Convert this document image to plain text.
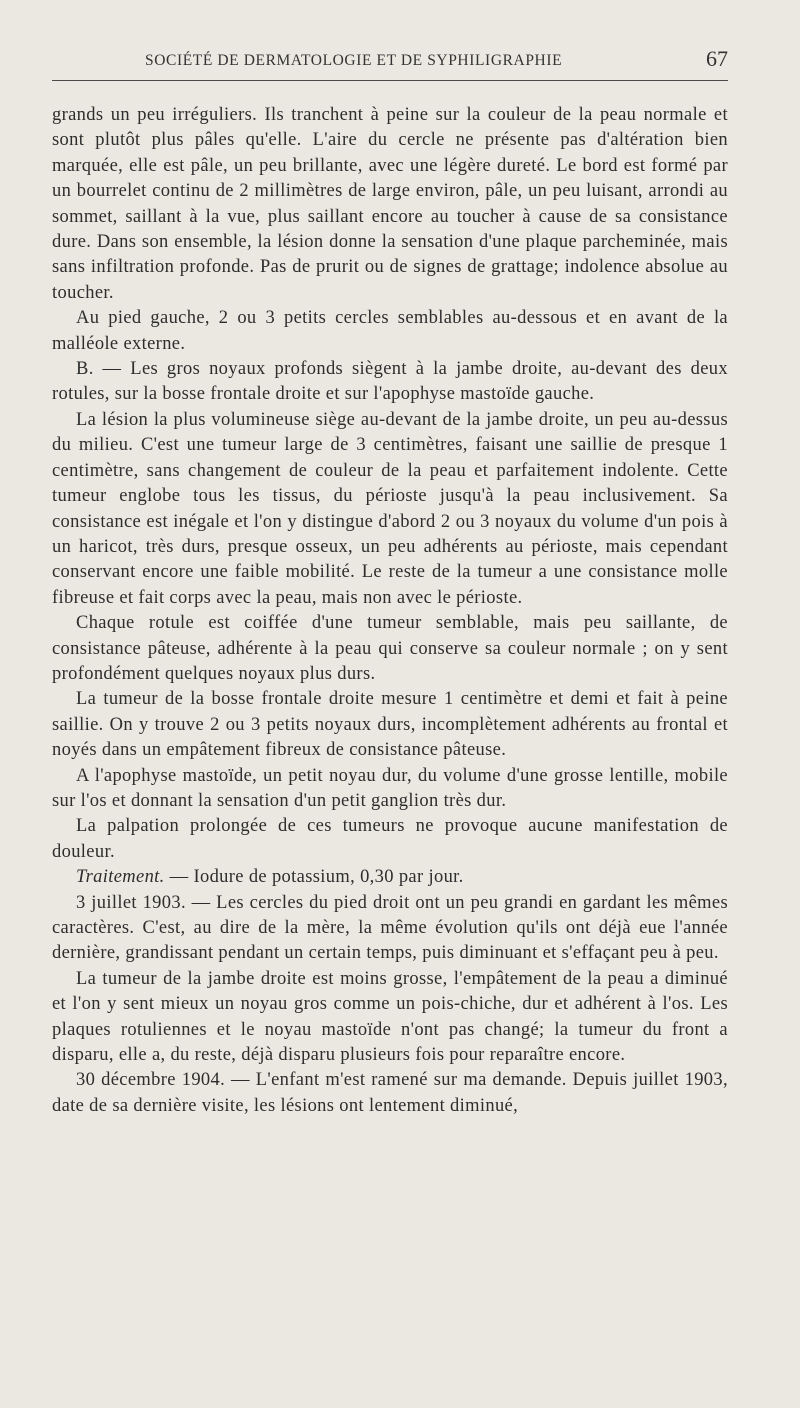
SOCIÉTÉ DE DERMATOLOGIE ET DE SYPHILIGRAPHIE	67

grands un peu irréguliers. Ils tranchent à peine sur la couleur de la peau normale et sont plutôt plus pâles qu'elle. L'aire du cercle ne présente pas d'altération bien marquée, elle est pâle, un peu brillante, avec une légère dureté. Le bord est formé par un bourrelet continu de 2 millimètres de large environ, pâle, un peu luisant, arrondi au sommet, saillant à la vue, plus saillant encore au toucher à cause de sa consistance dure. Dans son ensemble, la lésion donne la sensation d'une plaque parcheminée, mais sans infiltration profonde. Pas de prurit ou de signes de grattage; indolence absolue au toucher.

Au pied gauche, 2 ou 3 petits cercles semblables au-dessous et en avant de la malléole externe.

B. — Les gros noyaux profonds siègent à la jambe droite, au-devant des deux rotules, sur la bosse frontale droite et sur l'apophyse mastoïde gauche.

La lésion la plus volumineuse siège au-devant de la jambe droite, un peu au-dessus du milieu. C'est une tumeur large de 3 centimètres, faisant une saillie de presque 1 centimètre, sans changement de couleur de la peau et parfaitement indolente. Cette tumeur englobe tous les tissus, du périoste jusqu'à la peau inclusivement. Sa consistance est inégale et l'on y distingue d'abord 2 ou 3 noyaux du volume d'un pois à un haricot, très durs, presque osseux, un peu adhérents au périoste, mais cependant conservant encore une faible mobilité. Le reste de la tumeur a une consistance molle fibreuse et fait corps avec la peau, mais non avec le périoste.

Chaque rotule est coiffée d'une tumeur semblable, mais peu saillante, de consistance pâteuse, adhérente à la peau qui conserve sa couleur normale ; on y sent profondément quelques noyaux plus durs.

La tumeur de la bosse frontale droite mesure 1 centimètre et demi et fait à peine saillie. On y trouve 2 ou 3 petits noyaux durs, incomplètement adhérents au frontal et noyés dans un empâtement fibreux de consistance pâteuse.

A l'apophyse mastoïde, un petit noyau dur, du volume d'une grosse lentille, mobile sur l'os et donnant la sensation d'un petit ganglion très dur.

La palpation prolongée de ces tumeurs ne provoque aucune manifestation de douleur.

Traitement. — Iodure de potassium, 0,30 par jour.

3 juillet 1903. — Les cercles du pied droit ont un peu grandi en gardant les mêmes caractères. C'est, au dire de la mère, la même évolution qu'ils ont déjà eue l'année dernière, grandissant pendant un certain temps, puis diminuant et s'effaçant peu à peu.

La tumeur de la jambe droite est moins grosse, l'empâtement de la peau a diminué et l'on y sent mieux un noyau gros comme un pois-chiche, dur et adhérent à l'os. Les plaques rotuliennes et le noyau mastoïde n'ont pas changé; la tumeur du front a disparu, elle a, du reste, déjà disparu plusieurs fois pour reparaître encore.

30 décembre 1904. — L'enfant m'est ramené sur ma demande. Depuis juillet 1903, date de sa dernière visite, les lésions ont lentement diminué,
